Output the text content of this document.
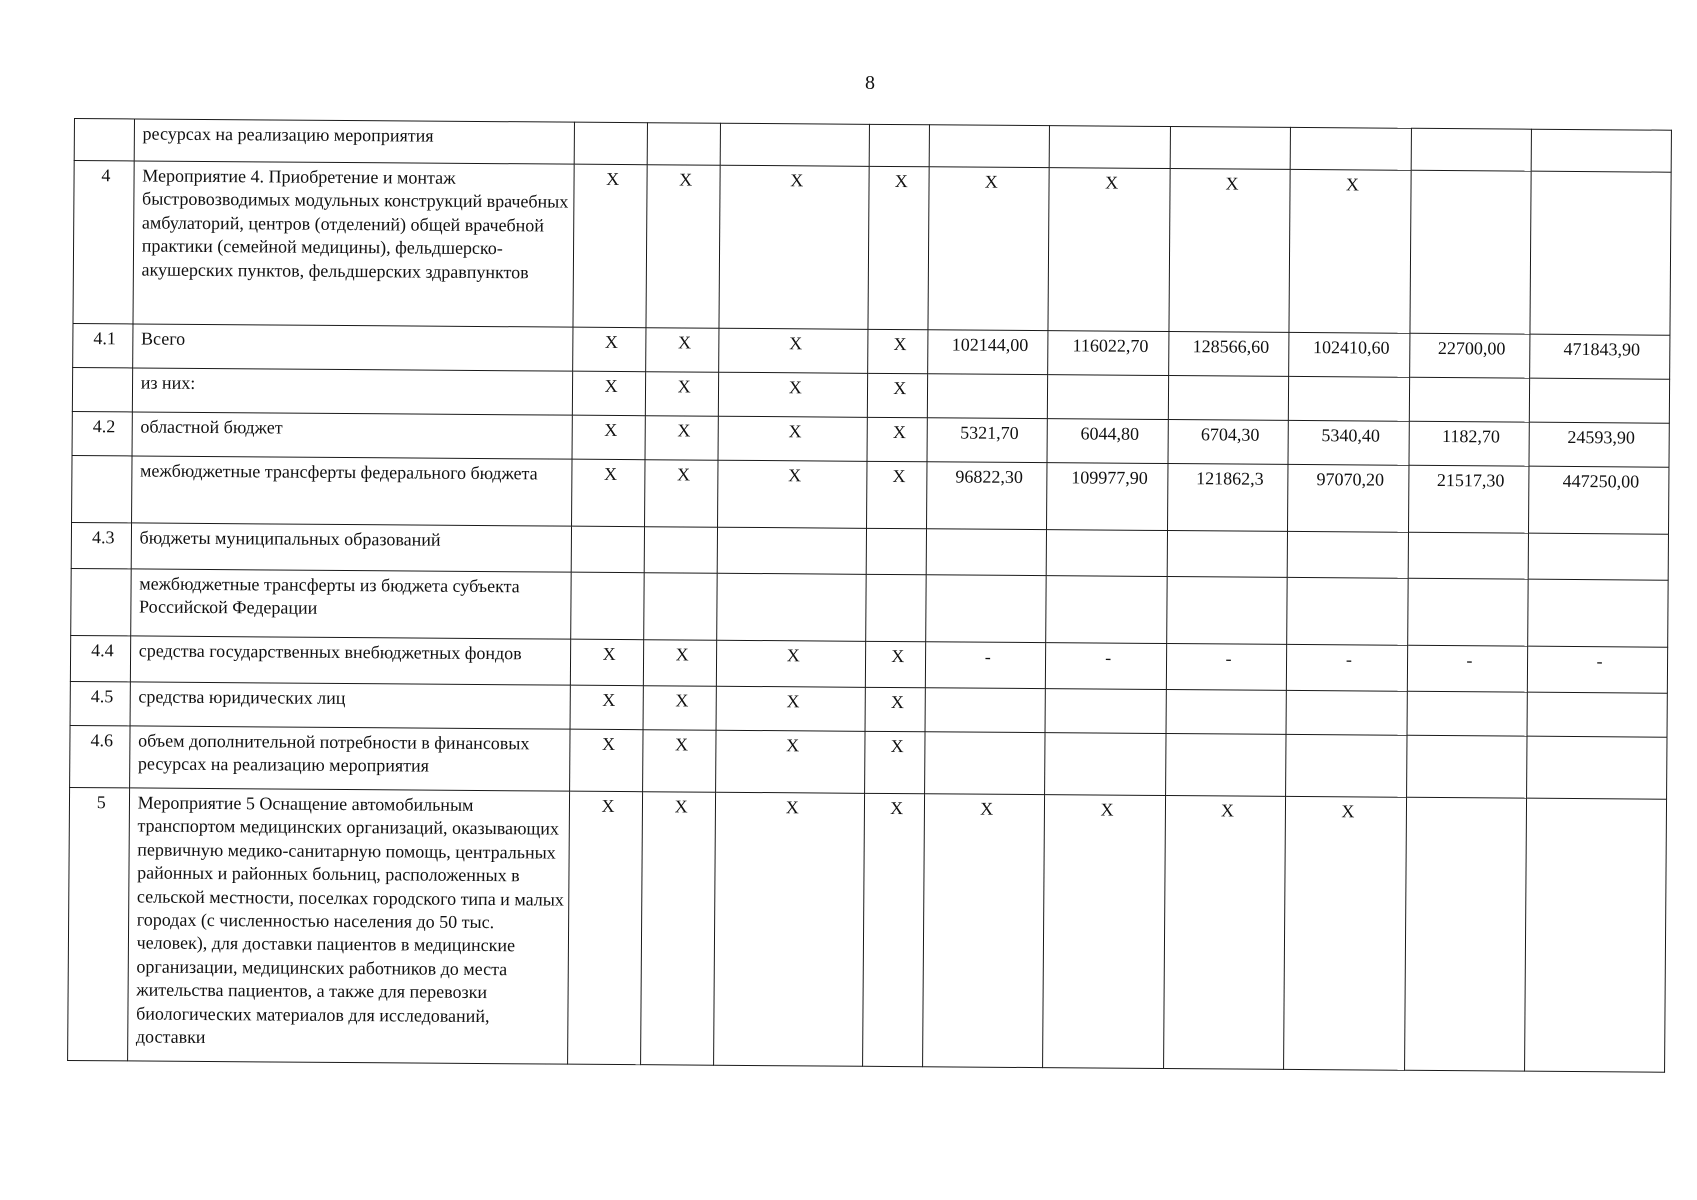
8
	ресурсах на реализацию мероприятия										
4	Мероприятие 4. Приобретение и монтаж быстровозводимых модульных конструкций врачебных амбулаторий, центров (отделений) общей врачебной практики (семейной медицины), фельдшерско-акушерских пунктов, фельдшерских здравпунктов	X	X	X	X	X	X	X	X		
4.1	Всего	X	X	X	X	102144,00	116022,70	128566,60	102410,60	22700,00	471843,90
	из них:	X	X	X	X						
4.2	областной бюджет	X	X	X	X	5321,70	6044,80	6704,30	5340,40	1182,70	24593,90
	межбюджетные трансферты федерального бюджета	X	X	X	X	96822,30	109977,90	121862,3	97070,20	21517,30	447250,00
4.3	бюджеты муниципальных образований										
	межбюджетные трансферты из бюджета субъекта Российской Федерации										
4.4	средства государственных внебюджетных фондов	X	X	X	X	-	-	-	-	-	-
4.5	средства юридических лиц	X	X	X	X						
4.6	объем дополнительной потребности в финансовых ресурсах на реализацию мероприятия	X	X	X	X						
5	Мероприятие 5 Оснащение автомобильным транспортом медицинских организаций, оказывающих первичную медико-санитарную помощь, центральных районных и районных больниц, расположенных в сельской местности, поселках городского типа и малых городах (с численностью населения до 50 тыс. человек), для доставки пациентов в медицинские организации, медицинских работников до места жительства пациентов, а также для перевозки биологических материалов для исследований, доставки	X	X	X	X	X	X	X	X		
